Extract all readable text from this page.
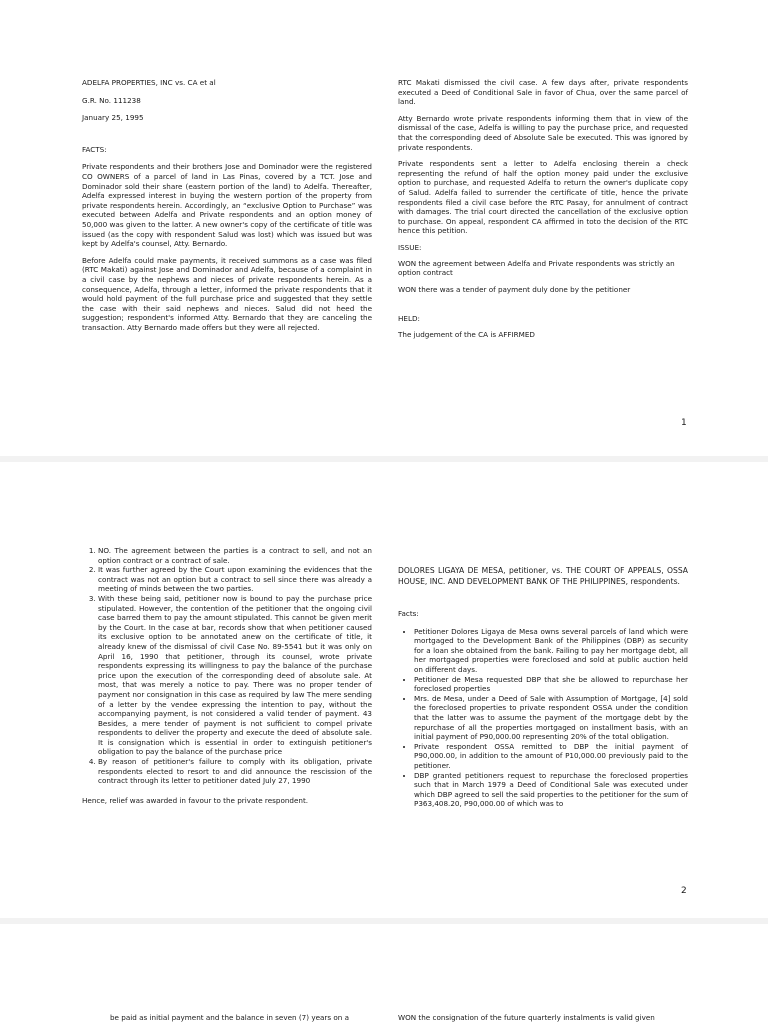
ADELFA PROPERTIES, INC vs. CA et al

G.R. No. 111238

January 25, 1995

FACTS:

Private respondents and their brothers Jose and Dominador were the registered CO OWNERS of a parcel of land in Las Pinas, covered by a TCT. Jose and Dominador sold their share (eastern portion of the land) to Adelfa. Thereafter, Adelfa expressed interest in buying the western portion of the property from private respondents herein. Accordingly, an “exclusive Option to Purchase” was executed between Adelfa and Private respondents and an option money of 50,000 was given to the latter. A new owner's copy of the certificate of title was issued (as the copy with respondent Salud was lost) which was issued but was kept by Adelfa's counsel, Atty. Bernardo.

Before Adelfa could make payments, it received summons as a case was filed (RTC Makati) against Jose and Dominador and Adelfa, because of a complaint in a civil case by the nephews and nieces of private respondents herein. As a consequence, Adelfa, through a letter, informed the private respondents that it would hold payment of the full purchase price and suggested that they settle the case with their said nephews and nieces. Salud did not heed the suggestion; respondent's informed Atty. Bernardo that they are canceling the transaction. Atty Bernardo made offers but they were all rejected.

RTC Makati dismissed the civil case. A few days after, private respondents executed a Deed of Conditional Sale in favor of Chua, over the same parcel of land.

Atty Bernardo wrote private respondents informing them that in view of the dismissal of the case, Adelfa is willing to pay the purchase price, and requested that the corresponding deed of Absolute Sale be executed. This was ignored by private respondents.

Private respondents sent a letter to Adelfa enclosing therein a check representing the refund of half the option money paid under the exclusive option to purchase, and requested Adelfa to return the owner's duplicate copy of Salud. Adelfa failed to surrender the certificate of title, hence the private respondents filed a civil case before the RTC Pasay, for annulment of contract with damages. The trial court directed the cancellation of the exclusive option to purchase. On appeal, respondent CA affirmed in toto the decision of the RTC hence this petition.

ISSUE:

WON the agreement between Adelfa and Private respondents was strictly an option contract

WON there was a tender of payment duly done by the petitioner

HELD:

The judgement of the CA is AFFIRMED

1
1. NO. The agreement between the parties is a contract to sell, and not an option contract or a contract of sale.
2. It was further agreed by the Court upon examining the evidences that the contract was not an option but a contract to sell since there was already a meeting of minds between the two parties.
3. With these being said, petitioner now is bound to pay the purchase price stipulated. However, the contention of the petitioner that the ongoing civil case barred them to pay the amount stipulated. This cannot be given merit by the Court. In the case at bar, records show that when petitioner caused its exclusive option to be annotated anew on the certificate of title, it already knew of the dismissal of civil Case No. 89-5541 but it was only on April 16, 1990 that petitioner, through its counsel, wrote private respondents expressing its willingness to pay the balance of the purchase price upon the execution of the corresponding deed of absolute sale. At most, that was merely a notice to pay. There was no proper tender of payment nor consignation in this case as required by law The mere sending of a letter by the vendee expressing the intention to pay, without the accompanying payment, is not considered a valid tender of payment. 43 Besides, a mere tender of payment is not sufficient to compel private respondents to deliver the property and execute the deed of absolute sale. It is consignation which is essential in order to extinguish petitioner's obligation to pay the balance of the purchase price
4. By reason of petitioner's failure to comply with its obligation, private respondents elected to resort to and did announce the rescission of the contract through its letter to petitioner dated July 27, 1990

Hence, relief was awarded in favour to the private respondent.

DOLORES LIGAYA DE MESA, petitioner, vs. THE COURT OF APPEALS, OSSA HOUSE, INC. AND DEVELOPMENT BANK OF THE PHILIPPINES, respondents.

Facts:

• Petitioner Dolores Ligaya de Mesa owns several parcels of land which were mortgaged to the Development Bank of the Philippines (DBP) as security for a loan she obtained from the bank. Failing to pay her mortgage debt, all her mortgaged properties were foreclosed and sold at public auction held on different days.
• Petitioner de Mesa requested DBP that she be allowed to repurchase her foreclosed properties
• Mrs. de Mesa, under a Deed of Sale with Assumption of Mortgage, [4] sold the foreclosed properties to private respondent OSSA under the condition that the latter was to assume the payment of the mortgage debt by the repurchase of all the properties mortgaged on installment basis, with an initial payment of P90,000.00 representing 20% of the total obligation.
• Private respondent OSSA remitted to DBP the initial payment of P90,000.00, in addition to the amount of P10,000.00 previously paid to the petitioner.
• DBP granted petitioners request to repurchase the foreclosed properties such that in March 1979 a Deed of Conditional Sale was executed under which DBP agreed to sell the said properties to the petitioner for the sum of P363,408.20, P90,000.00 of which was to
2
be paid as initial payment and the balance in seven (7) years on a	WON the consignation of the future quarterly instalments is valid given
